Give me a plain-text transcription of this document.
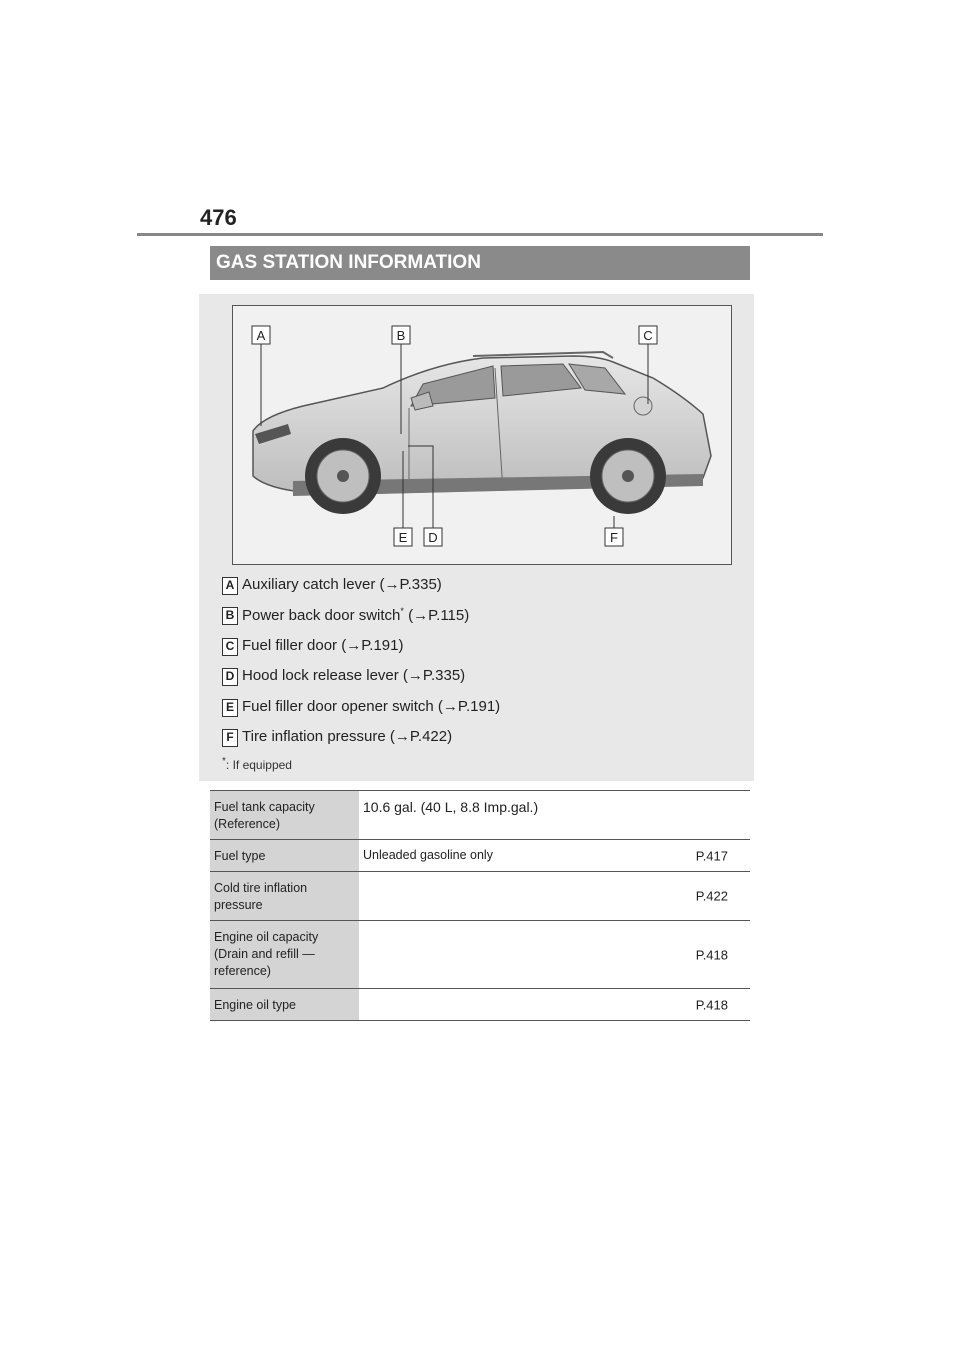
476
GAS STATION INFORMATION
A	B	C
D
E	F
A Auxiliary catch lever (→P.335)
B Power back door switch* (→P.115)
C Fuel filler door (→P.191)
D Hood lock release lever (→P.335)
E Fuel filler door opener switch (→P.191)
F Tire inflation pressure (→P.422)
*: If equipped
Fuel tank capacity (Reference)	10.6 gal. (40 L, 8.8 Imp.gal.)
Fuel type	Unleaded gasoline only P.417

Cold tire inflation pressure	P.422

Engine oil capacity (Drain and refill — reference)	P.418

Engine oil type	P.418
